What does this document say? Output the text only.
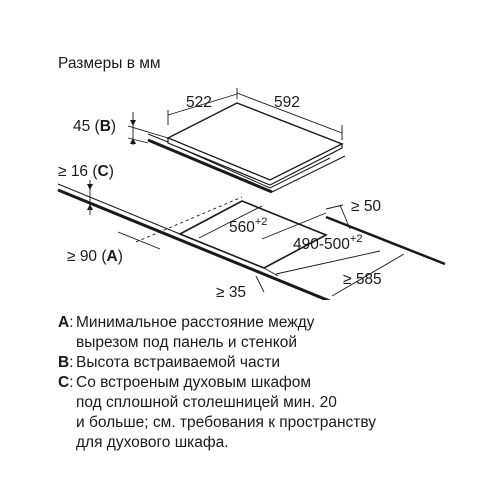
Размеры в мм
522	592
45 (B)
≥ 16 (C)
≥ 90 (A)
$560^{+2}$
$490-500^{+2}$
≥ 50
≥ 585
≥ 35
A: Минимальное расстояние между
вырезом под панель и стенкой
B: Высота встраиваемой части
C: Со встроеным духовым шкафом
под сплошной столешницей мин. 20
и больше; см. требования к пространству
для духового шкафа.
